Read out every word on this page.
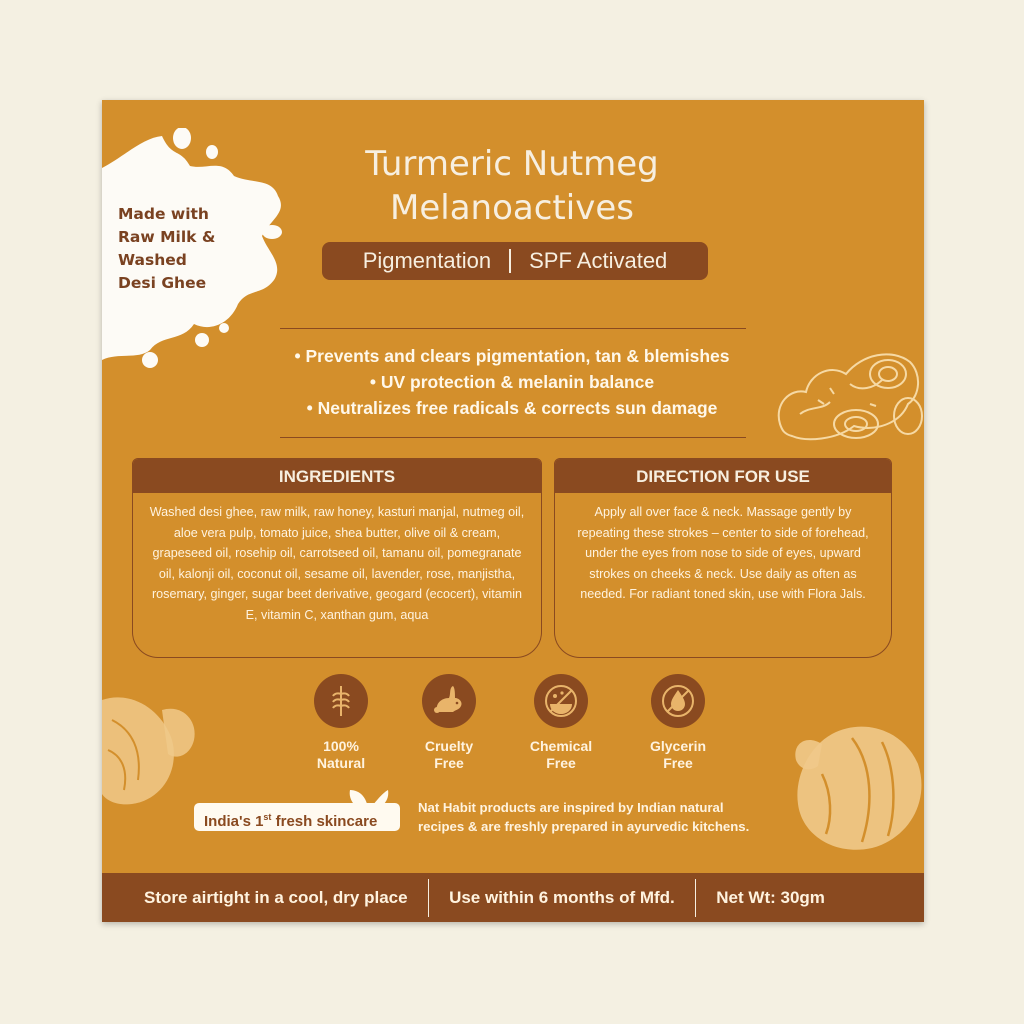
Made with
Raw Milk &
Washed
Desi Ghee
Turmeric Nutmeg
Melanoactives
Pigmentation SPF Activated
• Prevents and clears pigmentation, tan & blemishes
• UV protection & melanin balance
• Neutralizes free radicals & corrects sun damage
INGREDIENTS
Washed desi ghee, raw milk, raw honey, kasturi manjal, nutmeg oil, aloe vera pulp, tomato juice, shea butter, olive oil & cream, grapeseed oil, rosehip oil, carrotseed oil, tamanu oil, pomegranate oil, kalonji oil, coconut oil, sesame oil, lavender, rose, manjistha, rosemary, ginger, sugar beet derivative, geogard (ecocert), vitamin E, vitamin C, xanthan gum, aqua
DIRECTION FOR USE
Apply all over face & neck. Massage gently by repeating these strokes – center to side of forehead, under the eyes from nose to side of eyes, upward strokes on cheeks & neck. Use daily as often as needed. For radiant toned skin, use with Flora Jals.
100%
Natural
Cruelty
Free
Chemical
Free
Glycerin
Free
India's 1st fresh skincare
Nat Habit products are inspired by Indian natural
recipes & are freshly prepared in ayurvedic kitchens.
Store airtight in a cool, dry place	Use within 6 months of Mfd.	Net Wt: 30gm
